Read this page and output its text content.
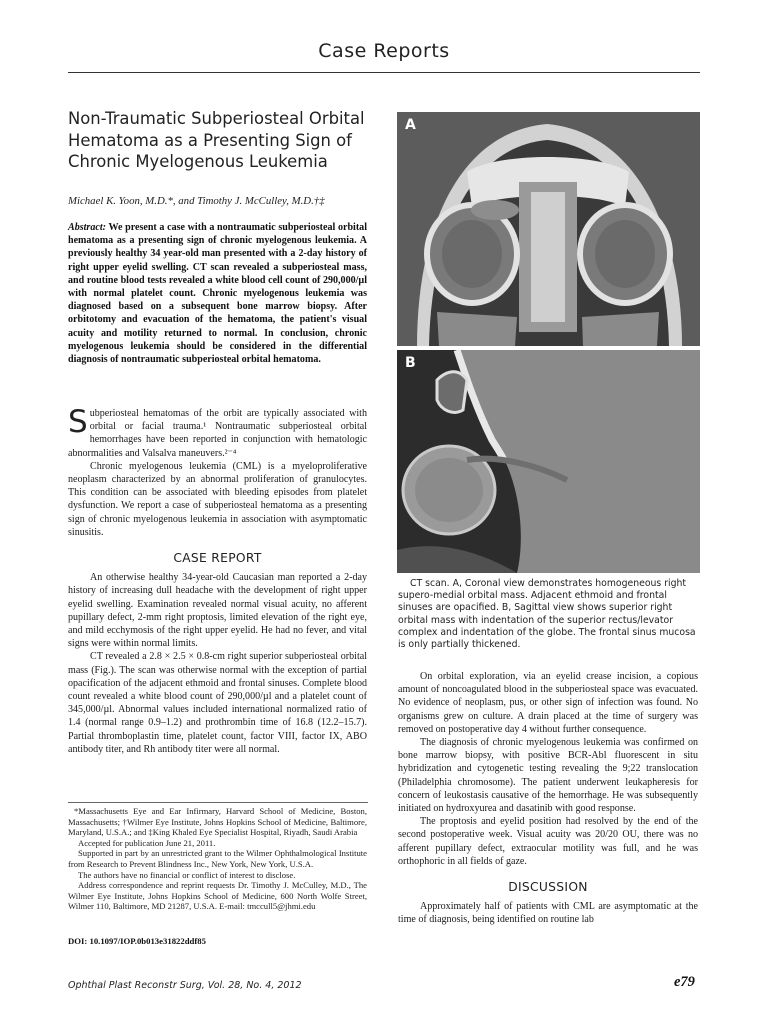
Case Reports
Non-Traumatic Subperiosteal Orbital Hematoma as a Presenting Sign of Chronic Myelogenous Leukemia
Michael K. Yoon, M.D.*, and Timothy J. McCulley, M.D.†‡
Abstract: We present a case with a nontraumatic subperiosteal orbital hematoma as a presenting sign of chronic myelogenous leukemia. A previously healthy 34 year-old man presented with a 2-day history of right upper eyelid swelling. CT scan revealed a subperiosteal mass, and routine blood tests revealed a white blood cell count of 290,000/µl with normal platelet count. Chronic myelogenous leukemia was diagnosed based on a subsequent bone marrow biopsy. After orbitotomy and evacuation of the hematoma, the patient's visual acuity and motility returned to normal. In conclusion, chronic myelogenous leukemia should be considered in the differential diagnosis of nontraumatic subperiosteal orbital hematoma.

Subperiosteal hematomas of the orbit are typically associated with orbital or facial trauma.¹ Nontraumatic subperiosteal orbital hemorrhages have been reported in conjunction with hematologic abnormalities and Valsalva maneuvers.²⁻⁴

Chronic myelogenous leukemia (CML) is a myeloproliferative neoplasm characterized by an abnormal proliferation of granulocytes. This condition can be associated with bleeding episodes from platelet dysfunction. We report a case of subperiosteal hematoma as a presenting sign of chronic myelogenous leukemia in association with asymptomatic sinusitis.

CASE REPORT

An otherwise healthy 34-year-old Caucasian man reported a 2-day history of increasing dull headache with the development of right upper eyelid swelling. Examination revealed normal visual acuity, no afferent pupillary defect, 2-mm right proptosis, limited elevation of the right eye, and mild ecchymosis of the right upper eyelid. He had no fever, and vital signs were within normal limits.

CT revealed a 2.8 × 2.5 × 0.8-cm right superior subperiosteal orbital mass (Fig.). The scan was otherwise normal with the exception of partial opacification of the adjacent ethmoid and frontal sinuses. Complete blood count revealed a white blood count of 290,000/µl and a platelet count of 345,000/µl. Abnormal values included international normalized ratio of 1.4 (normal range 0.9–1.2) and prothrombin time of 16.8 (12.2–15.7). Partial thromboplastin time, platelet count, factor VIII, factor IX, ABO antibody titer, and Rh antibody titer were all normal.

*Massachusetts Eye and Ear Infirmary, Harvard School of Medicine, Boston, Massachusetts; †Wilmer Eye Institute, Johns Hopkins School of Medicine, Baltimore, Maryland, U.S.A.; and ‡King Khaled Eye Specialist Hospital, Riyadh, Saudi Arabia

Accepted for publication June 21, 2011.

Supported in part by an unrestricted grant to the Wilmer Ophthalmological Institute from Research to Prevent Blindness Inc., New York, New York, U.S.A.

The authors have no financial or conflict of interest to disclose.

Address correspondence and reprint requests Dr. Timothy J. McCulley, M.D., The Wilmer Eye Institute, Johns Hopkins School of Medicine, 600 North Wolfe Street, Wilmer 110, Baltimore, MD 21287, U.S.A. E-mail: tmccull5@jhmi.edu

DOI: 10.1097/IOP.0b013e31822ddf85
A
B
CT scan. A, Coronal view demonstrates homogeneous right supero-medial orbital mass. Adjacent ethmoid and frontal sinuses are opacified. B, Sagittal view shows superior right orbital mass with indentation of the superior rectus/levator complex and indentation of the globe. The frontal sinus mucosa is only partially thickened.

On orbital exploration, via an eyelid crease incision, a copious amount of noncoagulated blood in the subperiosteal space was evacuated. No evidence of neoplasm, pus, or other sign of infection was found. No organisms grew on culture. A drain placed at the time of surgery was removed on postoperative day 4 without further consequence.

The diagnosis of chronic myelogenous leukemia was confirmed on bone marrow biopsy, with positive BCR-Abl fluorescent in situ hybridization and cytogenetic testing revealing the 9;22 translocation (Philadelphia chromosome). The patient underwent leukapheresis for concern of leukostasis causative of the hemorrhage. He was subsequently initiated on hydroxyurea and dasatinib with good response.

The proptosis and eyelid position had resolved by the end of the second postoperative week. Visual acuity was 20/20 OU, there was no afferent pupillary defect, extraocular motility was full, and he was orthophoric in all fields of gaze.

DISCUSSION

Approximately half of patients with CML are asymptomatic at the time of diagnosis, being identified on routine lab

Ophthal Plast Reconstr Surg, Vol. 28, No. 4, 2012	e79
